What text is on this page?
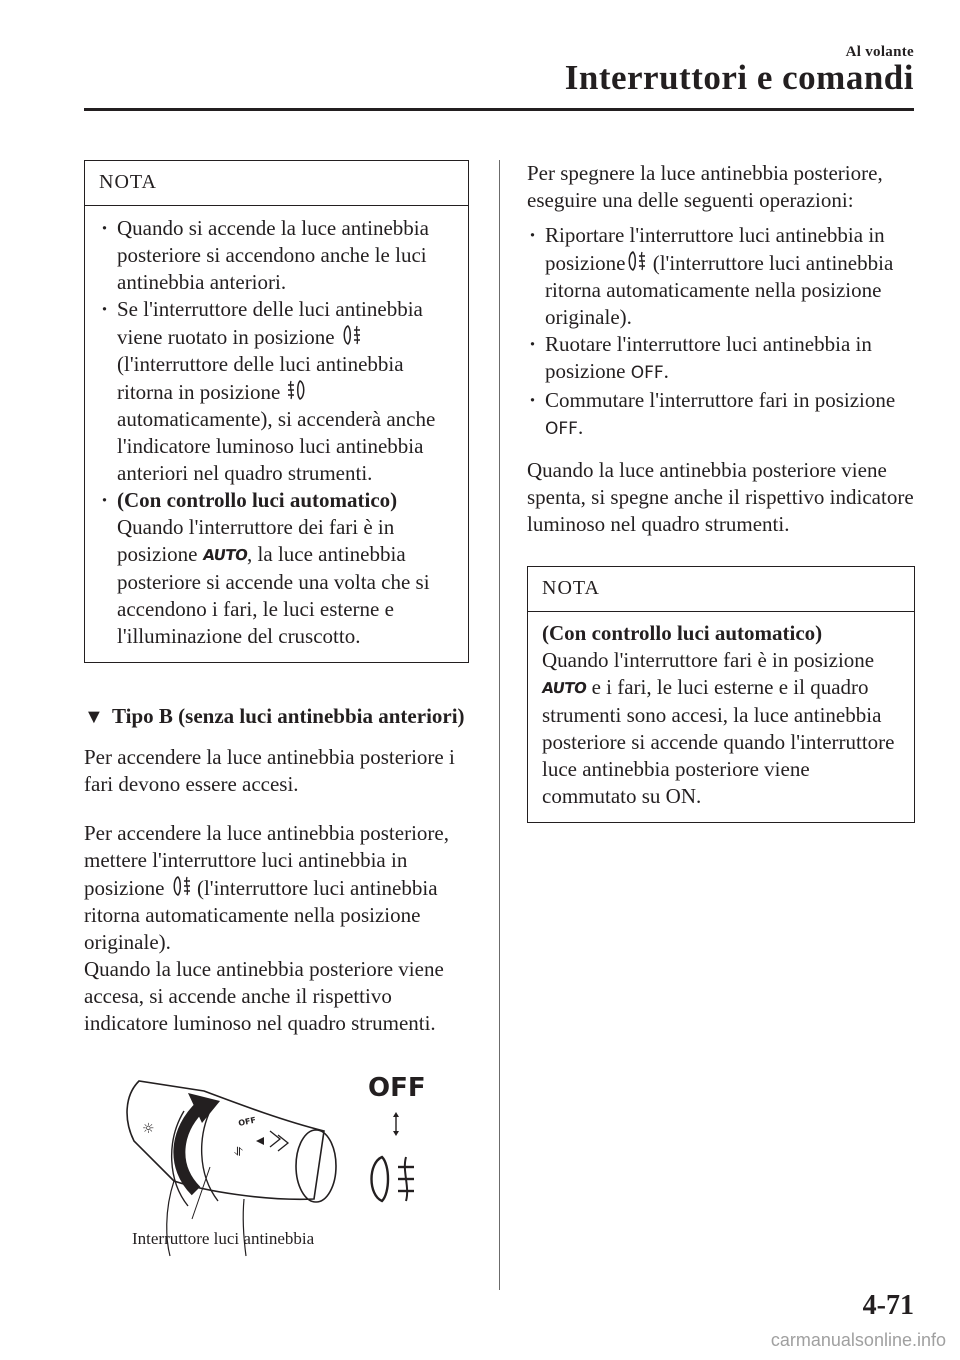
Al volante
Interruttori e comandi
NOTA
· Quando si accende la luce antinebbia posteriore si accendono anche le luci antinebbia anteriori.
· Se l'interruttore delle luci antinebbia viene ruotato in posizione  (l'interruttore delle luci antinebbia ritorna in posizione  automaticamente), si accenderà anche l'indicatore luminoso luci antinebbia anteriori nel quadro strumenti.
· (Con controllo luci automatico)
Quando l'interruttore dei fari è in posizione AUTO, la luce antinebbia posteriore si accende una volta che si accendono i fari, le luci esterne e l'illuminazione del cruscotto.
▼ Tipo B (senza luci antinebbia anteriori)

Per accendere la luce antinebbia posteriore i fari devono essere accesi.

Per accendere la luce antinebbia posteriore, mettere l'interruttore luci antinebbia in posizione (l'interruttore luci antinebbia ritorna automaticamente nella posizione originale).

Quando la luce antinebbia posteriore viene accesa, si accende anche il rispettivo indicatore luminoso nel quadro strumenti.

☼	OFF
⥯
OFF
Interruttore luci antinebbia

Per spegnere la luce antinebbia posteriore, eseguire una delle seguenti operazioni:

· Riportare l'interruttore luci antinebbia in posizione (l'interruttore luci antinebbia ritorna automaticamente nella posizione originale).
· Ruotare l'interruttore luci antinebbia in posizione OFF.
· Commutare l'interruttore fari in posizione OFF.

Quando la luce antinebbia posteriore viene spenta, si spegne anche il rispettivo indicatore luminoso nel quadro strumenti.

NOTA

(Con controllo luci automatico)

Quando l'interruttore fari è in posizione AUTO e i fari, le luci esterne e il quadro strumenti sono accesi, la luce antinebbia posteriore si accende quando l'interruttore luce antinebbia posteriore viene commutato su ON.

4-71
carmanualsonline.info
